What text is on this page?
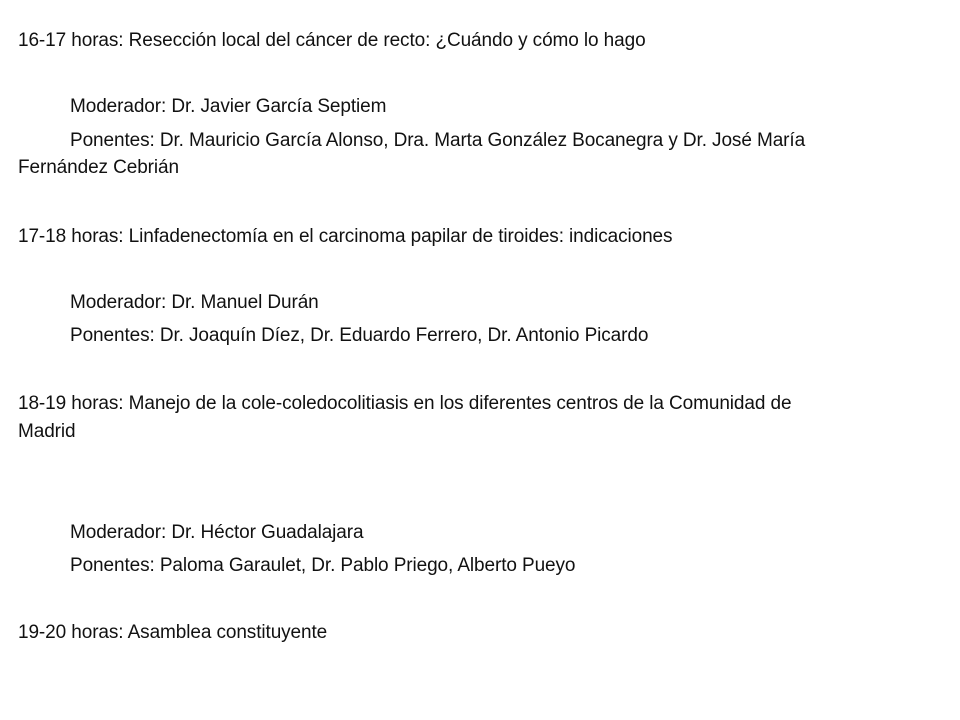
16-17 horas: Resección local del cáncer de recto: ¿Cuándo y cómo lo hago
Moderador: Dr. Javier García Septiem
Ponentes: Dr. Mauricio García Alonso, Dra. Marta González Bocanegra y Dr. José María
Fernández Cebrián
17-18 horas: Linfadenectomía en el carcinoma papilar de tiroides: indicaciones
Moderador: Dr. Manuel Durán
Ponentes: Dr. Joaquín Díez, Dr. Eduardo Ferrero, Dr. Antonio Picardo
18-19 horas: Manejo de la cole-coledocolitiasis en los diferentes centros de la Comunidad de
Madrid
Moderador: Dr. Héctor Guadalajara
Ponentes: Paloma Garaulet, Dr. Pablo Priego, Alberto Pueyo
19-20 horas: Asamblea constituyente
